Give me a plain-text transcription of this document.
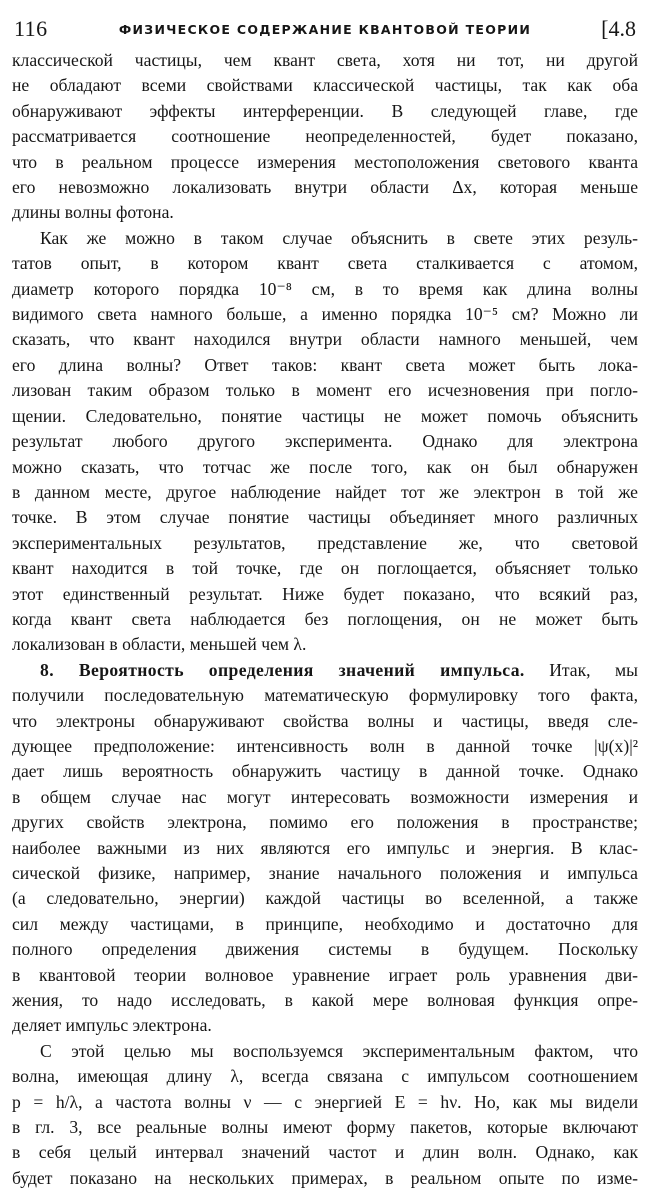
116	ФИЗИЧЕСКОЕ СОДЕРЖАНИЕ КВАНТОВОЙ ТЕОРИИ	[4.8

классической частицы, чем квант света, хотя ни тот, ни другой
не обладают всеми свойствами классической частицы, так как оба
обнаруживают эффекты интерференции. В следующей главе, где
рассматривается соотношение неопределенностей, будет показано,
что в реальном процессе измерения местоположения светового кванта
его невозможно локализовать внутри области Δx, которая меньше
длины волны фотона.

Как же можно в таком случае объяснить в свете этих резуль-
татов опыт, в котором квант света сталкивается с атомом,
диаметр которого порядка 10⁻⁸ см, в то время как длина волны
видимого света намного больше, а именно порядка 10⁻⁵ см? Можно ли
сказать, что квант находился внутри области намного меньшей, чем
его длина волны? Ответ таков: квант света может быть лока-
лизован таким образом только в момент его исчезновения при погло-
щении. Следовательно, понятие частицы не может помочь объяснить
результат любого другого эксперимента. Однако для электрона
можно сказать, что тотчас же после того, как он был обнаружен
в данном месте, другое наблюдение найдет тот же электрон в той же
точке. В этом случае понятие частицы объединяет много различных
экспериментальных результатов, представление же, что световой
квант находится в той точке, где он поглощается, объясняет только
этот единственный результат. Ниже будет показано, что всякий раз,
когда квант света наблюдается без поглощения, он не может быть
локализован в области, меньшей чем λ.

8. Вероятность определения значений импульса. Итак, мы
получили последовательную математическую формулировку того факта,
что электроны обнаруживают свойства волны и частицы, введя сле-
дующее предположение: интенсивность волн в данной точке |ψ(x)|²
дает лишь вероятность обнаружить частицу в данной точке. Однако
в общем случае нас могут интересовать возможности измерения и
других свойств электрона, помимо его положения в пространстве;
наиболее важными из них являются его импульс и энергия. В клас-
сической физике, например, знание начального положения и импульса
(а следовательно, энергии) каждой частицы во вселенной, а также
сил между частицами, в принципе, необходимо и достаточно для
полного определения движения системы в будущем. Поскольку
в квантовой теории волновое уравнение играет роль уравнения дви-
жения, то надо исследовать, в какой мере волновая функция опре-
деляет импульс электрона.

С этой целью мы воспользуемся экспериментальным фактом, что
волна, имеющая длину λ, всегда связана с импульсом соотношением
p = h/λ, а частота волны ν — с энергией E = hν. Но, как мы видели
в гл. 3, все реальные волны имеют форму пакетов, которые включают
в себя целый интервал значений частот и длин волн. Однако, как
будет показано на нескольких примерах, в реальном опыте по изме-
